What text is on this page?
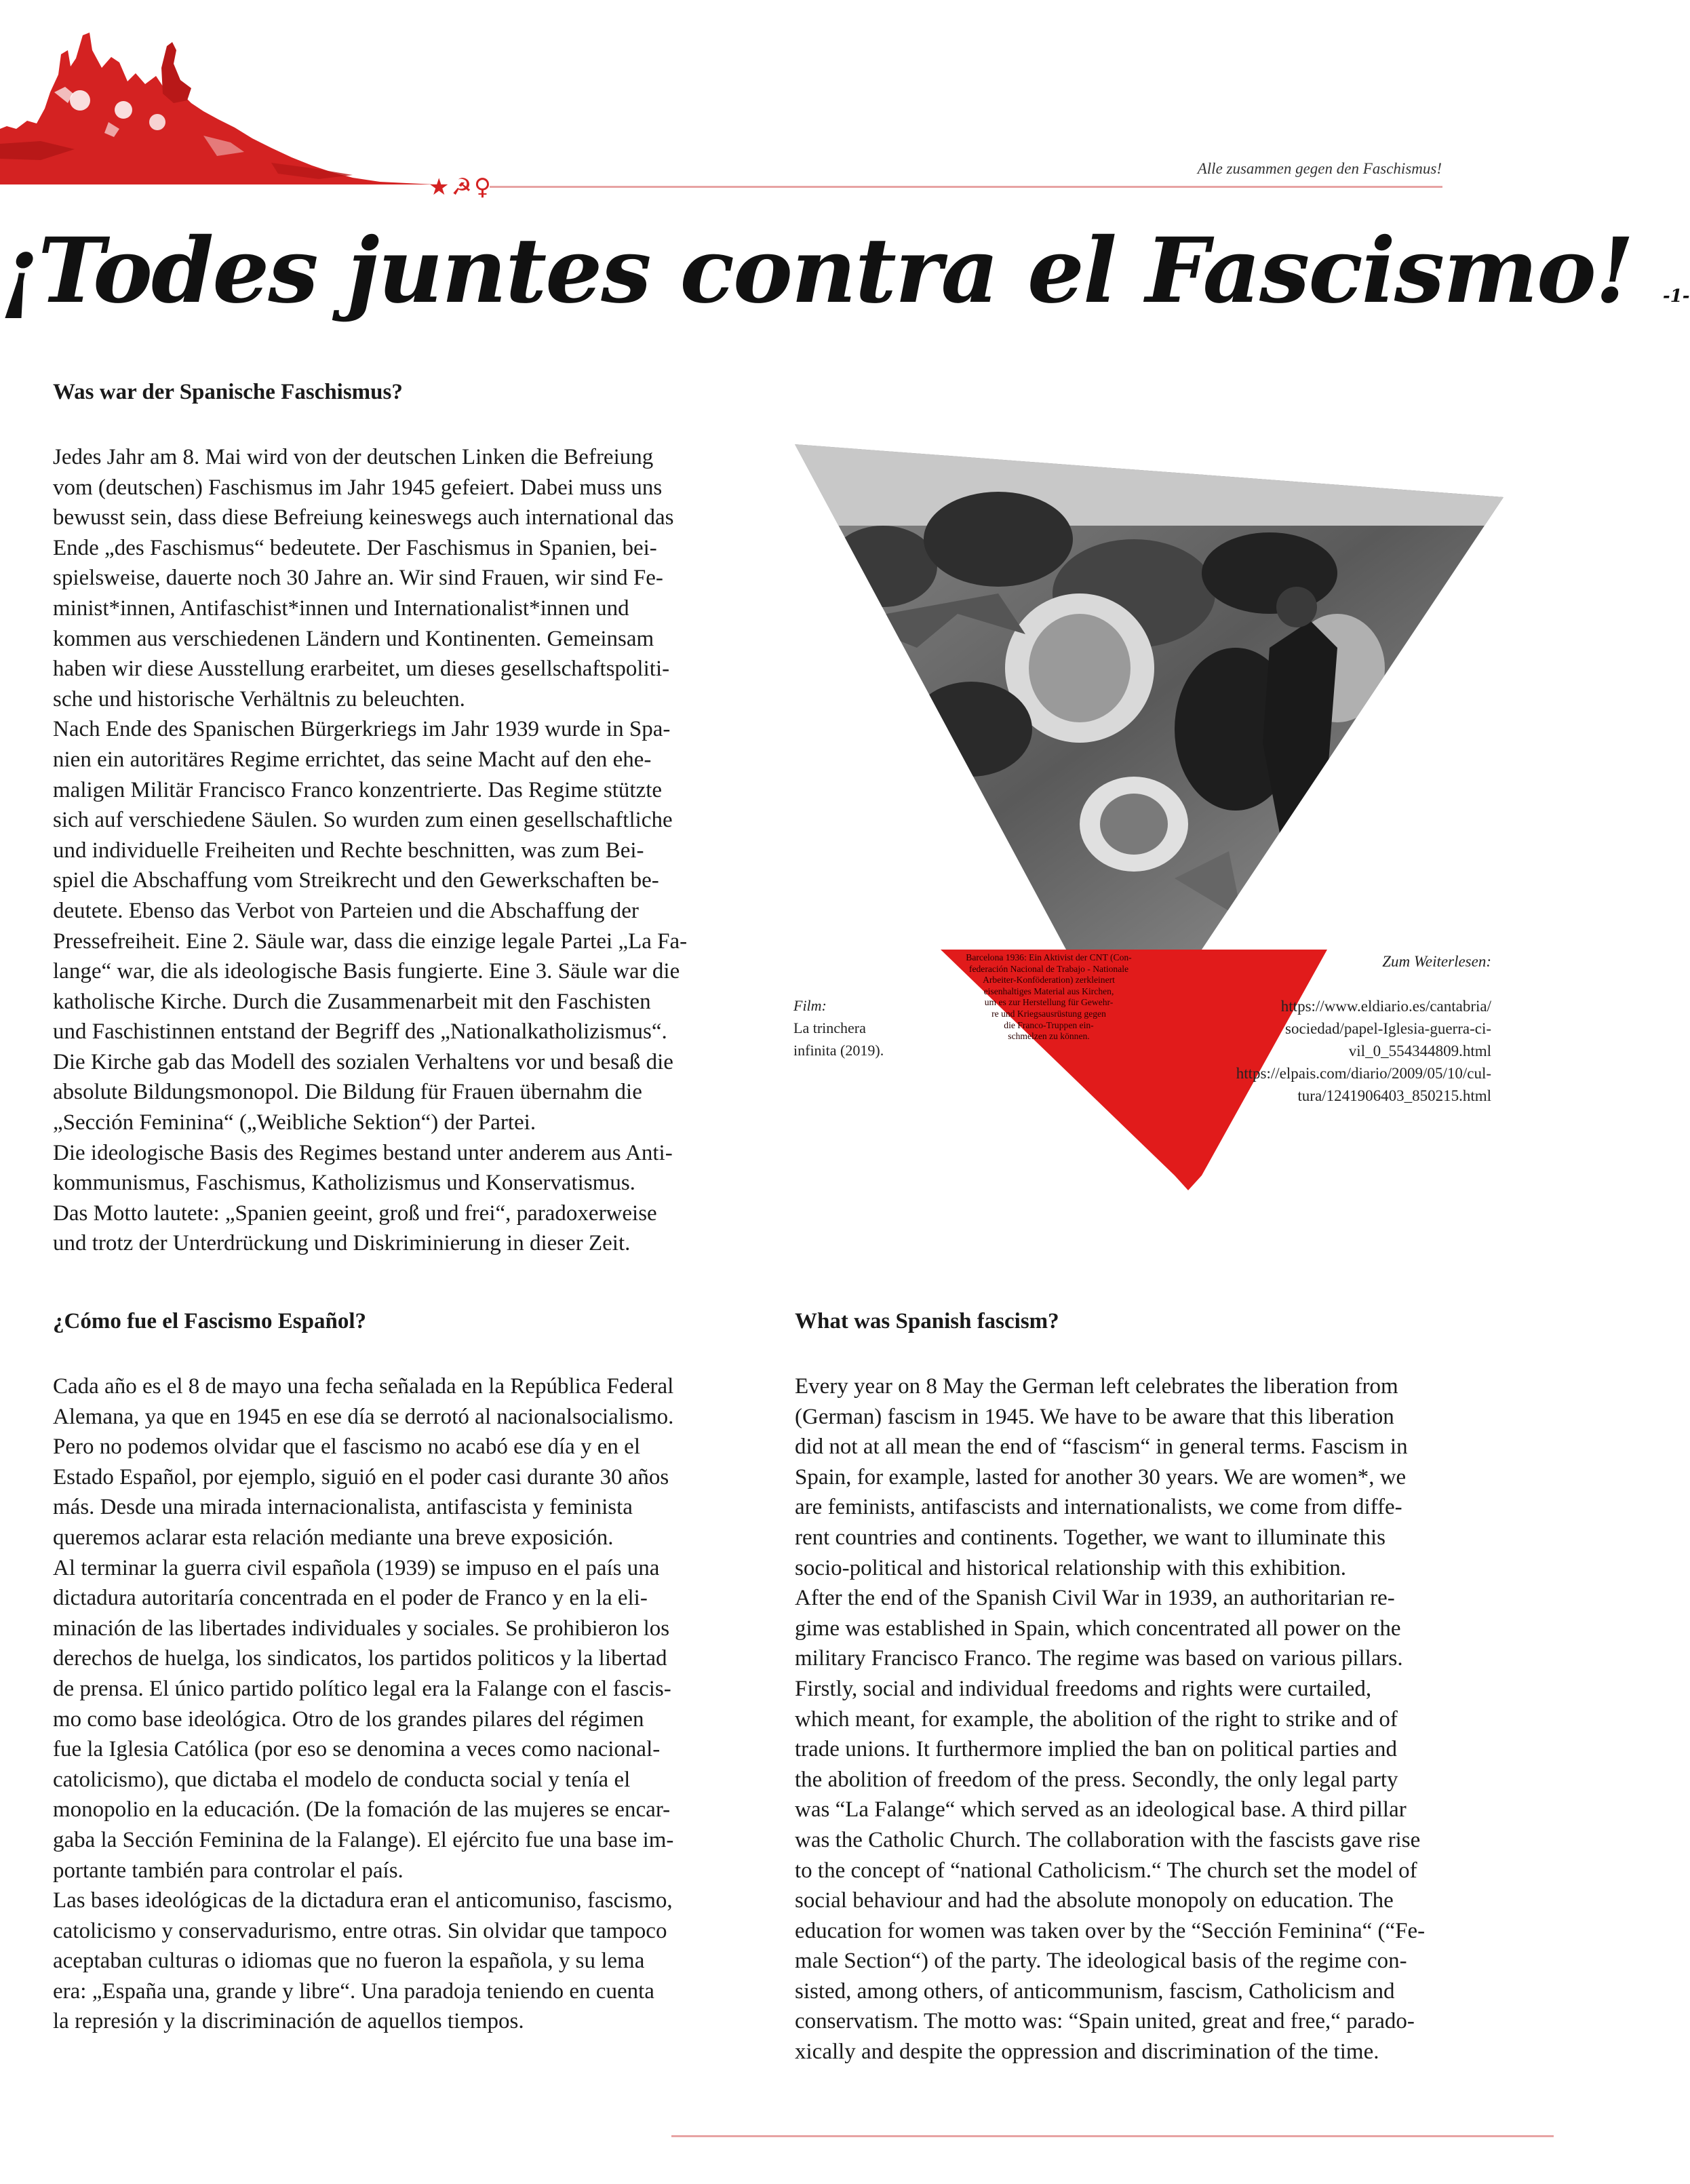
★☭♀
Alle zusammen gegen den Faschismus!
¡Todes juntes contra el Fascismo! -1-
Was war der Spanische Faschismus?

Jedes Jahr am 8. Mai wird von der deutschen Linken die Befreiung
vom (deutschen) Faschismus im Jahr 1945 gefeiert. Dabei muss uns
bewusst sein, dass diese Befreiung keineswegs auch international das
Ende „des Faschismus“ bedeutete. Der Faschismus in Spanien, bei-
spielsweise, dauerte noch 30 Jahre an. Wir sind Frauen, wir sind Fe-
minist*innen, Antifaschist*innen und Internationalist*innen und
kommen aus verschiedenen Ländern und Kontinenten. Gemeinsam
haben wir diese Ausstellung erarbeitet, um dieses gesellschaftspoliti-
sche und historische Verhältnis zu beleuchten.
Nach Ende des Spanischen Bürgerkriegs im Jahr 1939 wurde in Spa-
nien ein autoritäres Regime errichtet, das seine Macht auf den ehe-
maligen Militär Francisco Franco konzentrierte. Das Regime stützte
sich auf verschiedene Säulen. So wurden zum einen gesellschaftliche
und individuelle Freiheiten und Rechte beschnitten, was zum Bei-
spiel die Abschaffung vom Streikrecht und den Gewerkschaften be-
deutete. Ebenso das Verbot von Parteien und die Abschaffung der
Pressefreiheit. Eine 2. Säule war, dass die einzige legale Partei „La Fa-
lange“ war, die als ideologische Basis fungierte. Eine 3. Säule war die
katholische Kirche. Durch die Zusammenarbeit mit den Faschisten
und Faschistinnen entstand der Begriff des „Nationalkatholizismus“.
Die Kirche gab das Modell des sozialen Verhaltens vor und besaß die
absolute Bildungsmonopol. Die Bildung für Frauen übernahm die
„Sección Feminina“ („Weibliche Sektion“) der Partei.
Die ideologische Basis des Regimes bestand unter anderem aus Anti-
kommunismus, Faschismus, Katholizismus und Konservatismus.
Das Motto lautete: „Spanien geeint, groß und frei“, paradoxerweise
und trotz der Unterdrückung und Diskriminierung in dieser Zeit.

Barcelona 1936: Ein Aktivist der CNT (Con-
federación Nacional de Trabajo - Nationale
Arbeiter-Konföderation) zerkleinert
eisenhaltiges Material aus Kirchen,
um es zur Herstellung für Gewehr-
re und Kriegsausrüstung gegen
die Franco-Truppen ein-
schmelzen zu können.
Film:
La trinchera
infinita (2019).

Zum Weiterlesen:

https://www.eldiario.es/cantabria/
sociedad/papel-Iglesia-guerra-ci-
vil_0_554344809.html
https://elpais.com/diario/2009/05/10/cul-
tura/1241906403_850215.html

¿Cómo fue el Fascismo Español?

Cada año es el 8 de mayo una fecha señalada en la República Federal
Alemana, ya que en 1945 en ese día se derrotó al nacionalsocialismo.
Pero no podemos olvidar que el fascismo no acabó ese día y en el
Estado Español, por ejemplo, siguió en el poder casi durante 30 años
más. Desde una mirada internacionalista, antifascista y feminista
queremos aclarar esta relación mediante una breve exposición.
Al terminar la guerra civil española (1939) se impuso en el país una
dictadura autoritaría concentrada en el poder de Franco y en la eli-
minación de las libertades individuales y sociales. Se prohibieron los
derechos de huelga, los sindicatos, los partidos politicos y la libertad
de prensa. El único partido político legal era la Falange con el fascis-
mo como base ideológica. Otro de los grandes pilares del régimen
fue la Iglesia Católica (por eso se denomina a veces como nacional-
catolicismo), que dictaba el modelo de conducta social y tenía el
monopolio en la educación. (De la fomación de las mujeres se encar-
gaba la Sección Feminina de la Falange). El ejército fue una base im-
portante también para controlar el país.
Las bases ideológicas de la dictadura eran el anticomuniso, fascismo,
catolicismo y conservadurismo, entre otras. Sin olvidar que tampoco
aceptaban culturas o idiomas que no fueron la española, y su lema
era: „España una, grande y libre“. Una paradoja teniendo en cuenta
la represión y la discriminación de aquellos tiempos.

What was Spanish fascism?

Every year on 8 May the German left celebrates the liberation from
(German) fascism in 1945. We have to be aware that this liberation
did not at all mean the end of “fascism“ in general terms. Fascism in
Spain, for example, lasted for another 30 years. We are women*, we
are feminists, antifascists and internationalists, we come from diffe-
rent countries and continents. Together, we want to illuminate this
socio-political and historical relationship with this exhibition.
After the end of the Spanish Civil War in 1939, an authoritarian re-
gime was established in Spain, which concentrated all power on the
military Francisco Franco. The regime was based on various pillars.
Firstly, social and individual freedoms and rights were curtailed,
which meant, for example, the abolition of the right to strike and of
trade unions. It furthermore implied the ban on political parties and
the abolition of freedom of the press. Secondly, the only legal party
was “La Falange“ which served as an ideological base. A third pillar
was the Catholic Church. The collaboration with the fascists gave rise
to the concept of “national Catholicism.“ The church set the model of
social behaviour and had the absolute monopoly on education. The
education for women was taken over by the “Sección Feminina“ (“Fe-
male Section“) of the party. The ideological basis of the regime con-
sisted, among others, of anticommunism, fascism, Catholicism and
conservatism. The motto was: “Spain united, great and free,“ parado-
xically and despite the oppression and discrimination of the time.
